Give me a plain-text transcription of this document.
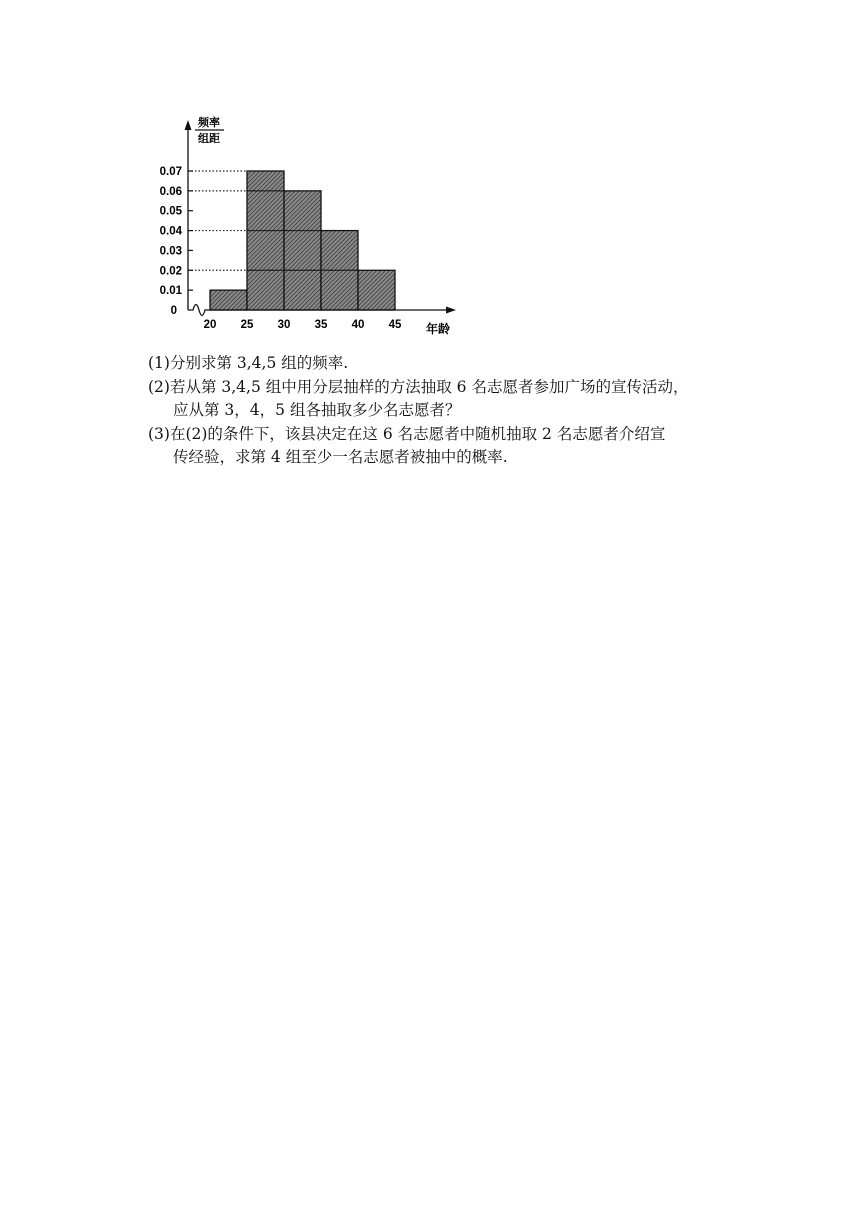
0
0.01
0.02
0.03
0.04
0.05
0.06
0.07
20 25 30 35 40 45
频率
组距
年龄

(1)分别求第 3,4,5 组的频率.

(2)若从第 3,4,5 组中用分层抽样的方法抽取 6 名志愿者参加广场的宣传活动，

应从第 3，4，5 组各抽取多少名志愿者？

(3)在(2)的条件下，该县决定在这 6 名志愿者中随机抽取 2 名志愿者介绍宣

传经验，求第 4 组至少一名志愿者被抽中的概率.
